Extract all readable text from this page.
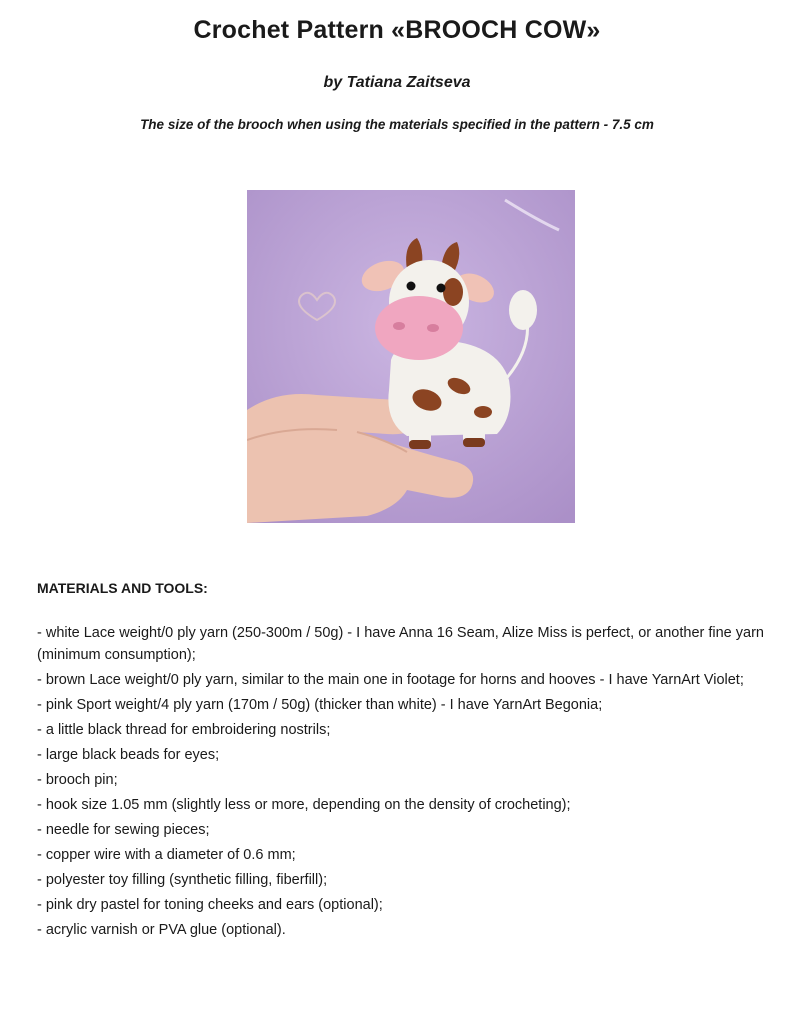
Crochet Pattern «BROOCH COW»
by Tatiana Zaitseva
The size of the brooch when using the materials specified in the pattern - 7.5 cm
MATERIALS AND TOOLS:
- white Lace weight/0 ply yarn (250-300m / 50g) - I have Anna 16 Seam, Alize Miss is perfect, or another fine yarn (minimum consumption);
- brown Lace weight/0 ply yarn, similar to the main one in footage for horns and hooves - I have YarnArt Violet;
- pink Sport weight/4 ply yarn (170m / 50g) (thicker than white) - I have YarnArt Begonia;
- a little black thread for embroidering nostrils;
- large black beads for eyes;
- brooch pin;
- hook size 1.05 mm (slightly less or more, depending on the density of crocheting);
- needle for sewing pieces;
- copper wire with a diameter of 0.6 mm;
- polyester toy filling (synthetic filling, fiberfill);
- pink dry pastel for toning cheeks and ears (optional);
- acrylic varnish or PVA glue (optional).
